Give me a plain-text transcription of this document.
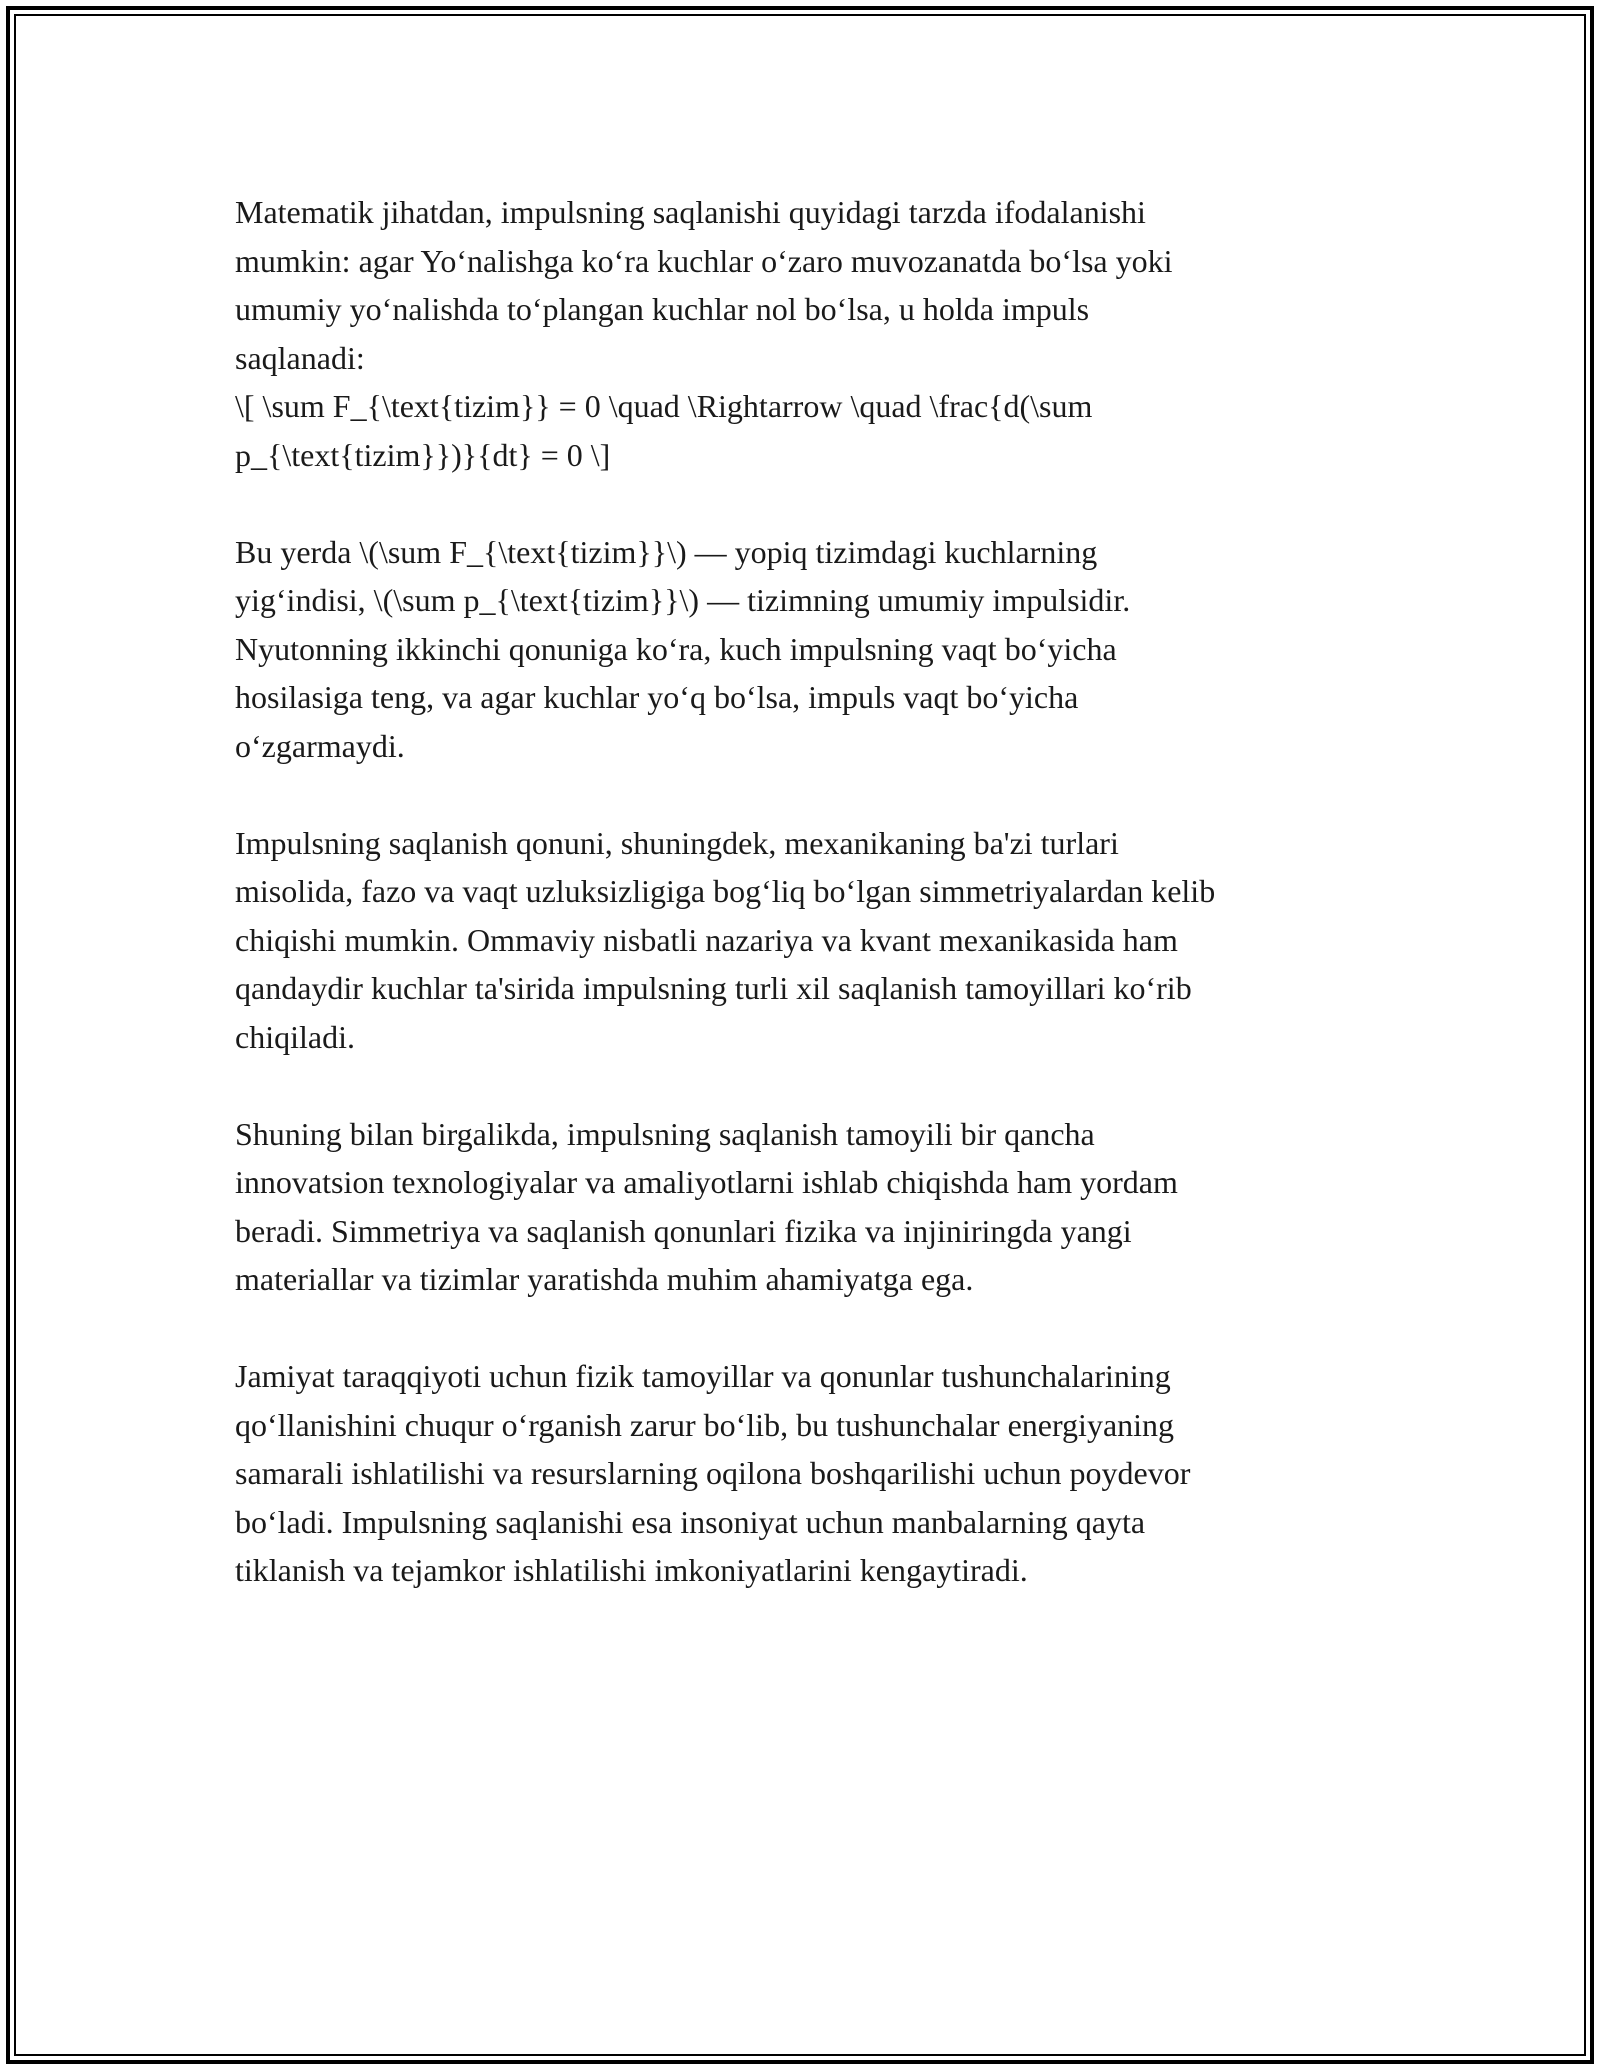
Matematik jihatdan, impulsning saqlanishi quyidagi tarzda ifodalanishi
mumkin: agar Yo‘nalishga ko‘ra kuchlar o‘zaro muvozanatda bo‘lsa yoki
umumiy yo‘nalishda to‘plangan kuchlar nol bo‘lsa, u holda impuls
saqlanadi:
\[ \sum F_{\text{tizim}} = 0 \quad \Rightarrow \quad \frac{d(\sum
p_{\text{tizim}})}{dt} = 0 \]

Bu yerda \(\sum F_{\text{tizim}}\) — yopiq tizimdagi kuchlarning
yig‘indisi, \(\sum p_{\text{tizim}}\) — tizimning umumiy impulsidir.
Nyutonning ikkinchi qonuniga ko‘ra, kuch impulsning vaqt bo‘yicha
hosilasiga teng, va agar kuchlar yo‘q bo‘lsa, impuls vaqt bo‘yicha
o‘zgarmaydi.

Impulsning saqlanish qonuni, shuningdek, mexanikaning ba'zi turlari
misolida, fazo va vaqt uzluksizligiga bog‘liq bo‘lgan simmetriyalardan kelib
chiqishi mumkin. Ommaviy nisbatli nazariya va kvant mexanikasida ham
qandaydir kuchlar ta'sirida impulsning turli xil saqlanish tamoyillari ko‘rib
chiqiladi.

Shuning bilan birgalikda, impulsning saqlanish tamoyili bir qancha
innovatsion texnologiyalar va amaliyotlarni ishlab chiqishda ham yordam
beradi. Simmetriya va saqlanish qonunlari fizika va injiniringda yangi
materiallar va tizimlar yaratishda muhim ahamiyatga ega.

Jamiyat taraqqiyoti uchun fizik tamoyillar va qonunlar tushunchalarining
qo‘llanishini chuqur o‘rganish zarur bo‘lib, bu tushunchalar energiyaning
samarali ishlatilishi va resurslarning oqilona boshqarilishi uchun poydevor
bo‘ladi. Impulsning saqlanishi esa insoniyat uchun manbalarning qayta
tiklanish va tejamkor ishlatilishi imkoniyatlarini kengaytiradi.
